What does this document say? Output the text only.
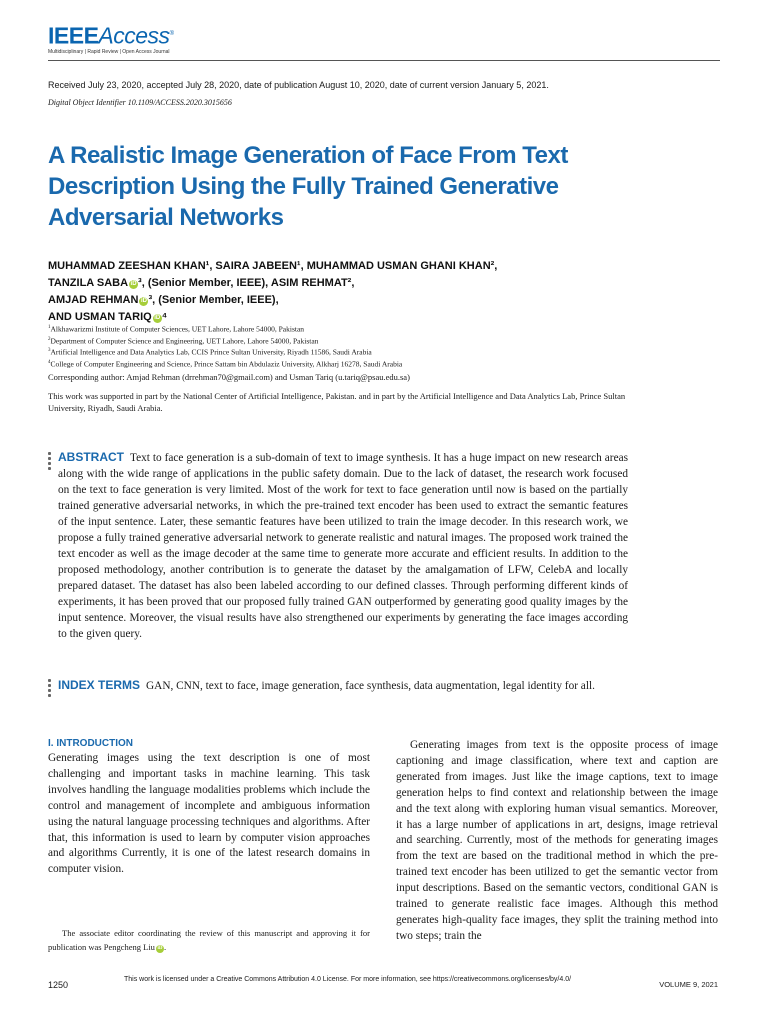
IEEEAccess®
Multidisciplinary | Rapid Review | Open Access Journal
Received July 23, 2020, accepted July 28, 2020, date of publication August 10, 2020, date of current version January 5, 2021.
Digital Object Identifier 10.1109/ACCESS.2020.3015656
A Realistic Image Generation of Face From Text Description Using the Fully Trained Generative Adversarial Networks
MUHAMMAD ZEESHAN KHAN¹, SAIRA JABEEN¹, MUHAMMAD USMAN GHANI KHAN²,
TANZILA SABA iD ³, (Senior Member, IEEE), ASIM REHMAT²,
AMJAD REHMAN iD ³, (Senior Member, IEEE),
AND USMAN TARIQ iD ⁴
$^1$Alkhawarizmi Institute of Computer Sciences, UET Lahore, Lahore 54000, Pakistan
$^2$Department of Computer Science and Engineering, UET Lahore, Lahore 54000, Pakistan
$^3$Artificial Intelligence and Data Analytics Lab, CCIS Prince Sultan University, Riyadh 11586, Saudi Arabia
$^4$College of Computer Engineering and Science, Prince Sattam bin Abdulaziz University, Alkharj 16278, Saudi Arabia
Corresponding author: Amjad Rehman (drrehman70@gmail.com) and Usman Tariq (u.tariq@psau.edu.sa)
This work was supported in part by the National Center of Artificial Intelligence, Pakistan. and in part by the Artificial Intelligence and Data Analytics Lab, Prince Sultan University, Riyadh, Saudi Arabia.
ABSTRACT Text to face generation is a sub-domain of text to image synthesis. It has a huge impact on new research areas along with the wide range of applications in the public safety domain. Due to the lack of dataset, the research work focused on the text to face generation is very limited. Most of the work for text to face generation until now is based on the partially trained generative adversarial networks, in which the pre-trained text encoder has been used to extract the semantic features of the input sentence. Later, these semantic features have been utilized to train the image decoder. In this research work, we propose a fully trained generative adversarial network to generate realistic and natural images. The proposed work trained the text encoder as well as the image decoder at the same time to generate more accurate and efficient results. In addition to the proposed methodology, another contribution is to generate the dataset by the amalgamation of LFW, CelebA and locally prepared dataset. The dataset has also been labeled according to our defined classes. Through performing different kinds of experiments, it has been proved that our proposed fully trained GAN outperformed by generating good quality images by the input sentence. Moreover, the visual results have also strengthened our experiments by generating the face images according to the given query.
INDEX TERMS GAN, CNN, text to face, image generation, face synthesis, data augmentation, legal identity for all.
I. INTRODUCTION

Generating images using the text description is one of most challenging and important tasks in machine learning. This task involves handling the language modalities problems which include the control and management of incomplete and ambiguous information using the natural language processing techniques and algorithms. After that, this information is used to learn by computer vision approaches and algorithms Currently, it is one of the latest research domains in computer vision.

The associate editor coordinating the review of this manuscript and approving it for publication was Pengcheng Liu iD .

Generating images from text is the opposite process of image captioning and image classification, where text and caption are generated from images. Just like the image captions, text to image generation helps to find context and relationship between the image and the text along with exploring human visual semantics. Moreover, it has a large number of applications in art, designs, image retrieval and searching. Currently, most of the methods for generating images from the text are based on the traditional method in which the pre-trained text encoder has been utilized to get the semantic vector from input descriptions. Based on the semantic vectors, conditional GAN is trained to generate realistic face images. Although this method generates high-quality face images, they split the training method into two steps; train the

1250
This work is licensed under a Creative Commons Attribution 4.0 License. For more information, see https://creativecommons.org/licenses/by/4.0/
VOLUME 9, 2021
